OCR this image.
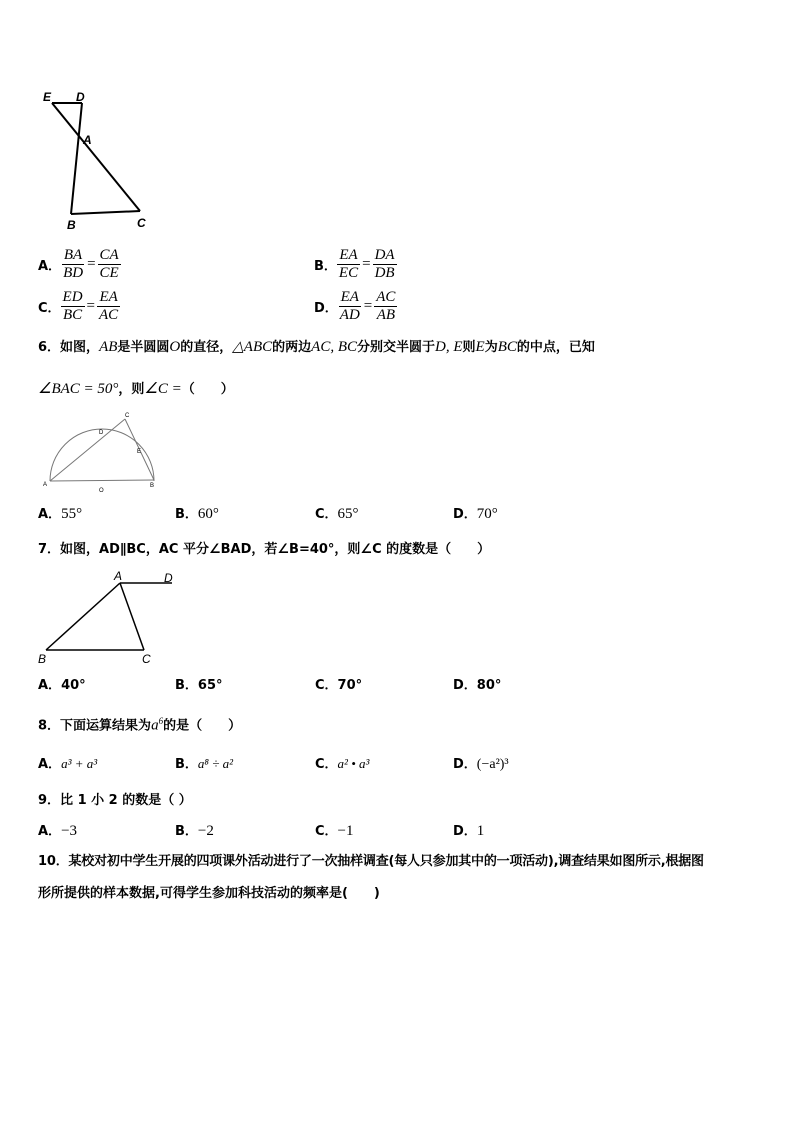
E D
A
B	C
A． $\frac{BA}{BD} = \frac{CA}{CE}$	B． $\frac{EA}{EC} = \frac{DA}{DB}$
C． $\frac{ED}{BC} = \frac{EA}{AC}$	D． $\frac{EA}{AD} = \frac{AC}{AB}$
6．如图，AB是半圆圆O的直径，△ABC的两边AC, BC分别交半圆于D, E则E为BC的中点，已知
∠BAC = 50°，则∠C =（　　）
C
D
E
A
O
B
A．55°	B．60°	C．65°	D．70°
7．如图，AD∥BC，AC 平分∠BAD，若∠B=40°，则∠C 的度数是（　　）
A	D
B	C
A．40°	B．65°	C．70°	D．80°
8．下面运算结果为$a^6$的是（　　）
A．a³ + a³	B．a⁸ ÷ a²	C．a² • a³	D．(−a²)³
9．比 1 小 2 的数是（ ）
A．−3	B．−2	C．−1	D．1
10．某校对初中学生开展的四项课外活动进行了一次抽样调查(每人只参加其中的一项活动),调查结果如图所示,根据图
形所提供的样本数据,可得学生参加科技活动的频率是(　　)
